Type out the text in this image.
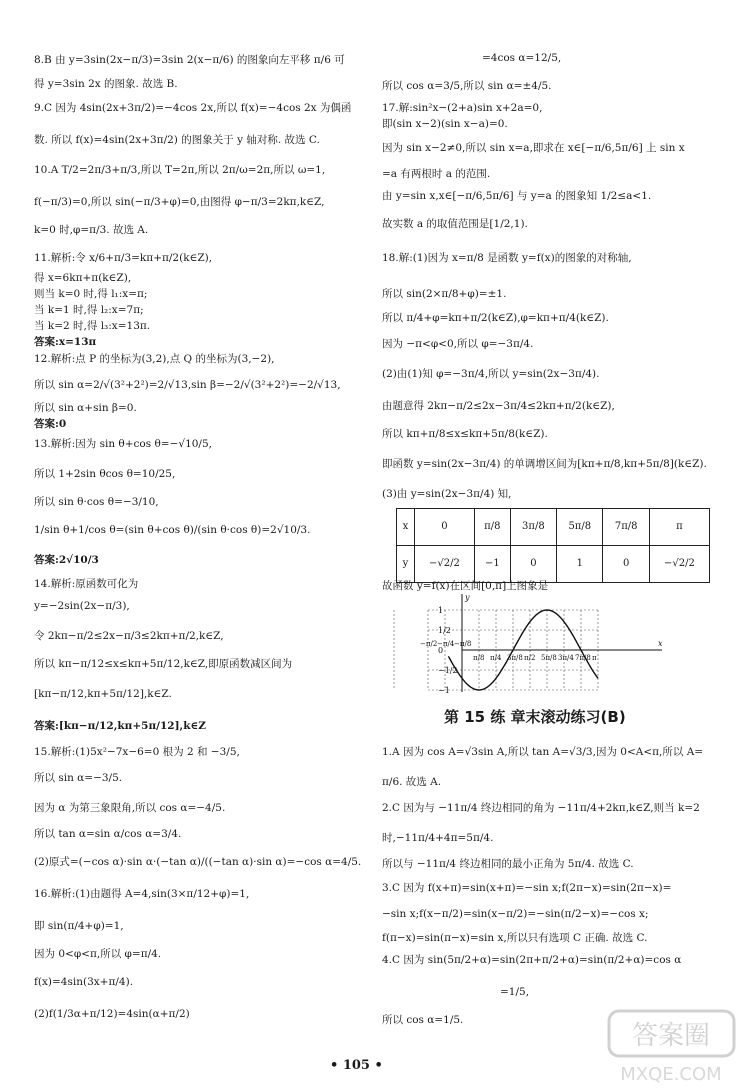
8.B 由 y=3sin(2x−π/3)=3sin 2(x−π/6) 的图象向左平移 π/6 可
得 y=3sin 2x 的图象. 故选 B.
9.C 因为 4sin(2x+3π/2)=−4cos 2x,所以 f(x)=−4cos 2x 为偶函
数. 所以 f(x)=4sin(2x+3π/2) 的图象关于 y 轴对称. 故选 C.
10.A T/2=2π/3+π/3,所以 T=2π,所以 2π/ω=2π,所以 ω=1,
f(−π/3)=0,所以 sin(−π/3+φ)=0,由图得 φ−π/3=2kπ,k∈Z,
k=0 时,φ=π/3. 故选 A.
11.解析:令 x/6+π/3=kπ+π/2(k∈Z),
得 x=6kπ+π(k∈Z),
则当 k=0 时,得 l₁:x=π;
当 k=1 时,得 l₂:x=7π;
当 k=2 时,得 l₃:x=13π.
答案:x=13π
12.解析:点 P 的坐标为(3,2),点 Q 的坐标为(3,−2),
所以 sin α=2/√(3²+2²)=2/√13,sin β=−2/√(3²+2²)=−2/√13,
所以 sin α+sin β=0.
答案:0
13.解析:因为 sin θ+cos θ=−√10/5,
所以 1+2sin θcos θ=10/25,
所以 sin θ·cos θ=−3/10,
1/sin θ+1/cos θ=(sin θ+cos θ)/(sin θ·cos θ)=2√10/3.
答案:2√10/3
14.解析:原函数可化为
y=−2sin(2x−π/3),
令 2kπ−π/2≤2x−π/3≤2kπ+π/2,k∈Z,
所以 kπ−π/12≤x≤kπ+5π/12,k∈Z,即原函数减区间为
[kπ−π/12,kπ+5π/12],k∈Z.
答案:[kπ−π/12,kπ+5π/12],k∈Z
15.解析:(1)5x²−7x−6=0 根为 2 和 −3/5,
所以 sin α=−3/5.
因为 α 为第三象限角,所以 cos α=−4/5.
所以 tan α=sin α/cos α=3/4.
(2)原式=(−cos α)·sin α·(−tan α)/((−tan α)·sin α)=−cos α=4/5.
16.解析:(1)由题得 A=4,sin(3×π/12+φ)=1,
即 sin(π/4+φ)=1,
因为 0<φ<π,所以 φ=π/4.
f(x)=4sin(3x+π/4).
(2)f(1/3α+π/12)=4sin(α+π/2)
x	0	π/8	3π/8	5π/8	7π/8	π
y	−√2/2	−1	0	1	0	−√2/2
1
1/2
0
−1/2
−1
π/8 π/4 3π/8 π/2 5π/8 3π/4 7π/8 π
−π/2 −π/4 −π/8	x
y
第 15 练 章末滚动练习(B)
=4cos α=12/5,
所以 cos α=3/5,所以 sin α=±4/5.
17.解:sin²x−(2+a)sin x+2a=0,
即(sin x−2)(sin x−a)=0.
因为 sin x−2≠0,所以 sin x=a,即求在 x∈[−π/6,5π/6] 上 sin x
=a 有两根时 a 的范围.
由 y=sin x,x∈[−π/6,5π/6] 与 y=a 的图象知 1/2≤a<1.
故实数 a 的取值范围是[1/2,1).
18.解:(1)因为 x=π/8 是函数 y=f(x)的图象的对称轴,
所以 sin(2×π/8+φ)=±1.
所以 π/4+φ=kπ+π/2(k∈Z),φ=kπ+π/4(k∈Z).
因为 −π<φ<0,所以 φ=−3π/4.
(2)由(1)知 φ=−3π/4,所以 y=sin(2x−3π/4).
由题意得 2kπ−π/2≤2x−3π/4≤2kπ+π/2(k∈Z),
所以 kπ+π/8≤x≤kπ+5π/8(k∈Z).
即函数 y=sin(2x−3π/4) 的单调增区间为[kπ+π/8,kπ+5π/8](k∈Z).
(3)由 y=sin(2x−3π/4) 知,
故函数 y=f(x)在区间[0,π]上图象是
1.A 因为 cos A=√3sin A,所以 tan A=√3/3,因为 0<A<π,所以 A=
π/6. 故选 A.
2.C 因为与 −11π/4 终边相同的角为 −11π/4+2kπ,k∈Z,则当 k=2
时,−11π/4+4π=5π/4.
所以与 −11π/4 终边相同的最小正角为 5π/4. 故选 C.
3.C 因为 f(x+π)=sin(x+π)=−sin x;f(2π−x)=sin(2π−x)=
−sin x;f(x−π/2)=sin(x−π/2)=−sin(π/2−x)=−cos x;
f(π−x)=sin(π−x)=sin x,所以只有选项 C 正确. 故选 C.
4.C 因为 sin(5π/2+α)=sin(2π+π/2+α)=sin(π/2+α)=cos α
=1/5,
所以 cos α=1/5.
• 105 •
答案圈
MXQE.COM
